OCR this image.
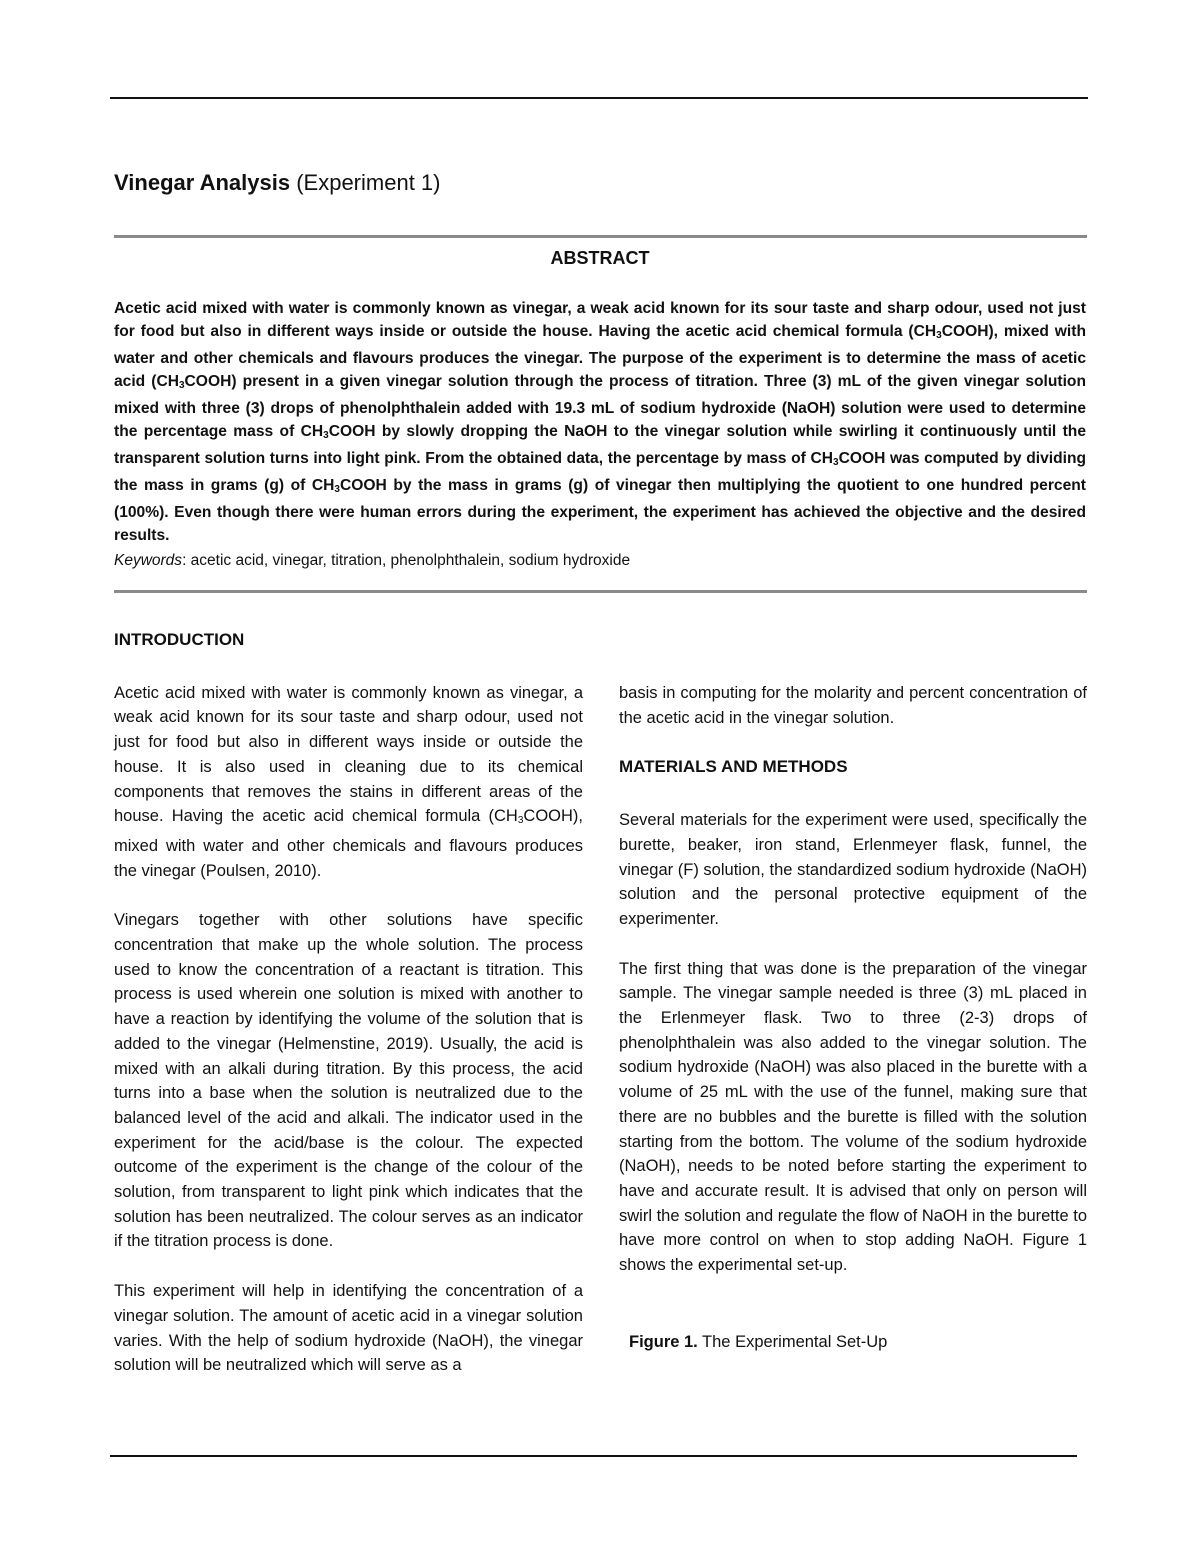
Vinegar Analysis (Experiment 1)
ABSTRACT

Acetic acid mixed with water is commonly known as vinegar, a weak acid known for its sour taste and sharp odour, used not just for food but also in different ways inside or outside the house. Having the acetic acid chemical formula $(CH_3COOH)$, mixed with water and other chemicals and flavours produces the vinegar. The purpose of the experiment is to determine the mass of acetic acid $(CH_3COOH)$ present in a given vinegar solution through the process of titration. Three (3) mL of the given vinegar solution mixed with three (3) drops of phenolphthalein added with 19.3 mL of sodium hydroxide (NaOH) solution were used to determine the percentage mass of $CH_3COOH$ by slowly dropping the NaOH to the vinegar solution while swirling it continuously until the transparent solution turns into light pink. From the obtained data, the percentage by mass of $CH_3COOH$ was computed by dividing the mass in grams (g) of $CH_3COOH$ by the mass in grams (g) of vinegar then multiplying the quotient to one hundred percent (100%). Even though there were human errors during the experiment, the experiment has achieved the objective and the desired results.

Keywords: acetic acid, vinegar, titration, phenolphthalein, sodium hydroxide
INTRODUCTION

Acetic acid mixed with water is commonly known as vinegar, a weak acid known for its sour taste and sharp odour, used not just for food but also in different ways inside or outside the house. It is also used in cleaning due to its chemical components that removes the stains in different areas of the house. Having the acetic acid chemical formula $(CH_3COOH)$, mixed with water and other chemicals and flavours produces the vinegar (Poulsen, 2010).

Vinegars together with other solutions have specific concentration that make up the whole solution. The process used to know the concentration of a reactant is titration. This process is used wherein one solution is mixed with another to have a reaction by identifying the volume of the solution that is added to the vinegar (Helmenstine, 2019). Usually, the acid is mixed with an alkali during titration. By this process, the acid turns into a base when the solution is neutralized due to the balanced level of the acid and alkali. The indicator used in the experiment for the acid/base is the colour. The expected outcome of the experiment is the change of the colour of the solution, from transparent to light pink which indicates that the solution has been neutralized. The colour serves as an indicator if the titration process is done.

This experiment will help in identifying the concentration of a vinegar solution. The amount of acetic acid in a vinegar solution varies. With the help of sodium hydroxide (NaOH), the vinegar solution will be neutralized which will serve as a

basis in computing for the molarity and percent concentration of the acetic acid in the vinegar solution.

MATERIALS AND METHODS

Several materials for the experiment were used, specifically the burette, beaker, iron stand, Erlenmeyer flask, funnel, the vinegar (F) solution, the standardized sodium hydroxide (NaOH) solution and the personal protective equipment of the experimenter.

The first thing that was done is the preparation of the vinegar sample. The vinegar sample needed is three (3) mL placed in the Erlenmeyer flask. Two to three (2-3) drops of phenolphthalein was also added to the vinegar solution. The sodium hydroxide (NaOH) was also placed in the burette with a volume of 25 mL with the use of the funnel, making sure that there are no bubbles and the burette is filled with the solution starting from the bottom. The volume of the sodium hydroxide (NaOH), needs to be noted before starting the experiment to have and accurate result. It is advised that only on person will swirl the solution and regulate the flow of NaOH in the burette to have more control on when to stop adding NaOH. Figure 1 shows the experimental set-up.

Figure 1. The Experimental Set-Up
